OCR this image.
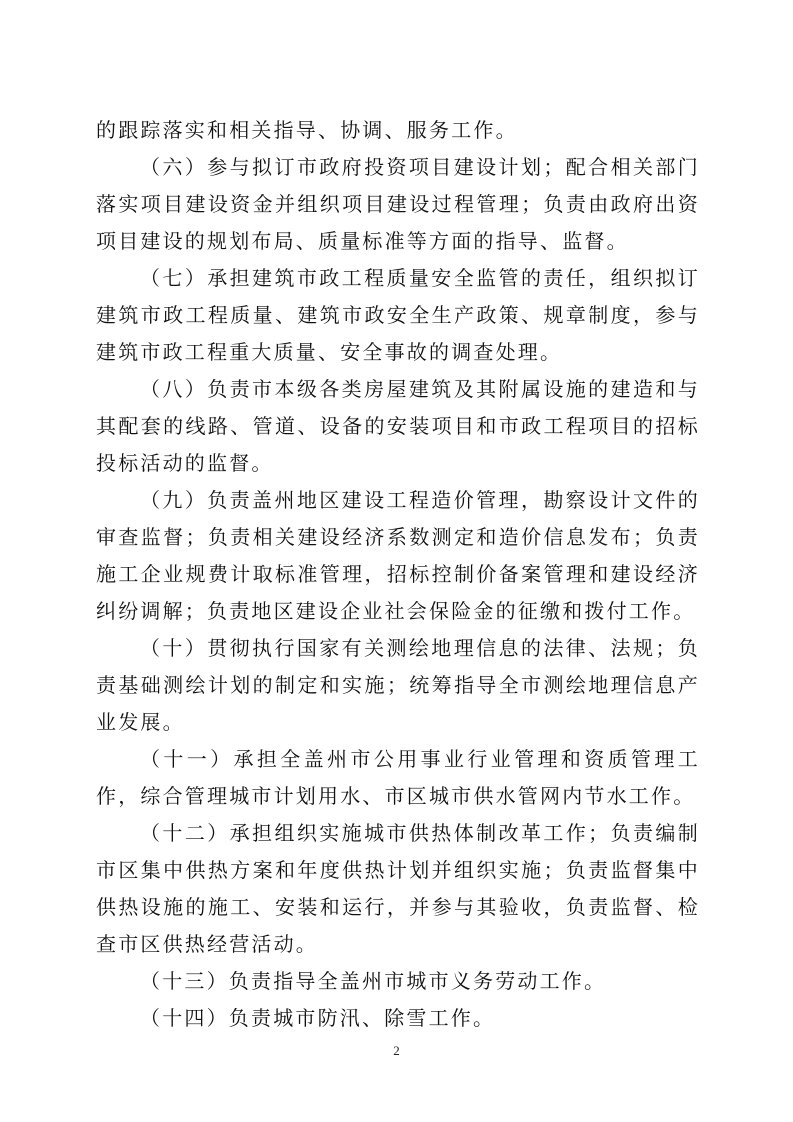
的跟踪落实和相关指导、协调、服务工作。

（六）参与拟订市政府投资项目建设计划；配合相关部门落实项目建设资金并组织项目建设过程管理；负责由政府出资项目建设的规划布局、质量标准等方面的指导、监督。

（七）承担建筑市政工程质量安全监管的责任，组织拟订建筑市政工程质量、建筑市政安全生产政策、规章制度，参与建筑市政工程重大质量、安全事故的调查处理。

（八）负责市本级各类房屋建筑及其附属设施的建造和与其配套的线路、管道、设备的安装项目和市政工程项目的招标投标活动的监督。

（九）负责盖州地区建设工程造价管理，勘察设计文件的审查监督；负责相关建设经济系数测定和造价信息发布；负责施工企业规费计取标准管理，招标控制价备案管理和建设经济纠纷调解；负责地区建设企业社会保险金的征缴和拨付工作。

（十）贯彻执行国家有关测绘地理信息的法律、法规；负责基础测绘计划的制定和实施；统筹指导全市测绘地理信息产业发展。

（十一）承担全盖州市公用事业行业管理和资质管理工作，综合管理城市计划用水、市区城市供水管网内节水工作。

（十二）承担组织实施城市供热体制改革工作；负责编制市区集中供热方案和年度供热计划并组织实施；负责监督集中供热设施的施工、安装和运行，并参与其验收，负责监督、检查市区供热经营活动。

（十三）负责指导全盖州市城市义务劳动工作。

（十四）负责城市防汛、除雪工作。

2
